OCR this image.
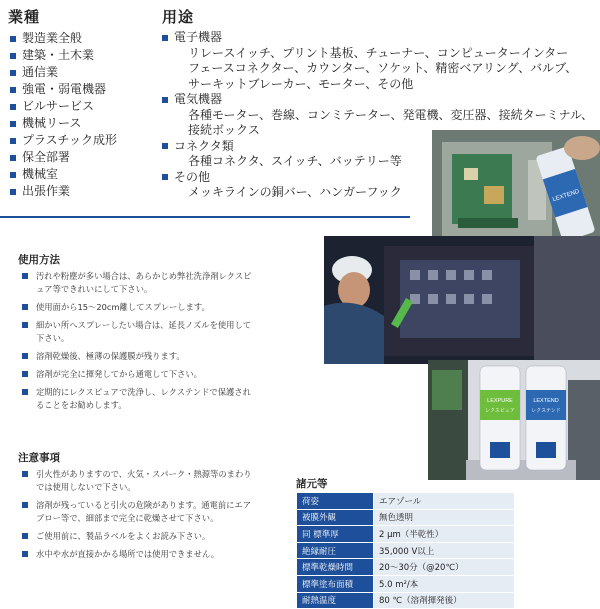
業種
製造業全般
建築・土木業
通信業
強電・弱電機器
ビルサービス
機械リース
プラスチック成形
保全部署
機械室
出張作業
用途
電子機器
リレースイッチ、プリント基板、チューナー、コンピューターインター
フェースコネクター、カウンター、ソケット、精密ベアリング、バルブ、
サーキットブレーカー、モーター、その他
電気機器
各種モーター、巻線、コンミテーター、発電機、変圧器、接続ターミナル、
接続ボックス
コネクタ類
各種コネクタ、スイッチ、バッテリー等
その他
メッキラインの銅バー、ハンガーフック	LEXTEND
LEXPURE
レクスピュア
LEXTEND
レクステンド
使用方法
汚れや粉塵が多い場合は、あらかじめ弊社洗浄剤レクスピュア等できれいにして下さい。
使用面から15～20cm離してスプレーします。
細かい所へスプレーしたい場合は、延長ノズルを使用して下さい。
溶剤乾燥後、極薄の保護膜が残ります。
溶剤が完全に揮発してから通電して下さい。
定期的にレクスピュアで洗浄し、レクステンドで保護されることをお勧めします。
注意事項
引火性がありますので、火気・スパーク・熱源等のまわりでは使用しないで下さい。
溶剤が残っていると引火の危険があります。通電前にエアブロー等で、細部まで完全に乾燥させて下さい。
ご使用前に、製品ラベルをよくお読み下さい。
水中や水が直接かかる場所では使用できません。
諸元等
荷姿	エアゾール
被膜外観	無色透明
同 標準厚	2 μm（半乾性）
絶縁耐圧	35,000 V以上
標準乾燥時間	20～30分（@20℃）
標準塗布面積	5.0 m²/本
耐熱温度	80 ℃（溶剤揮発後）
